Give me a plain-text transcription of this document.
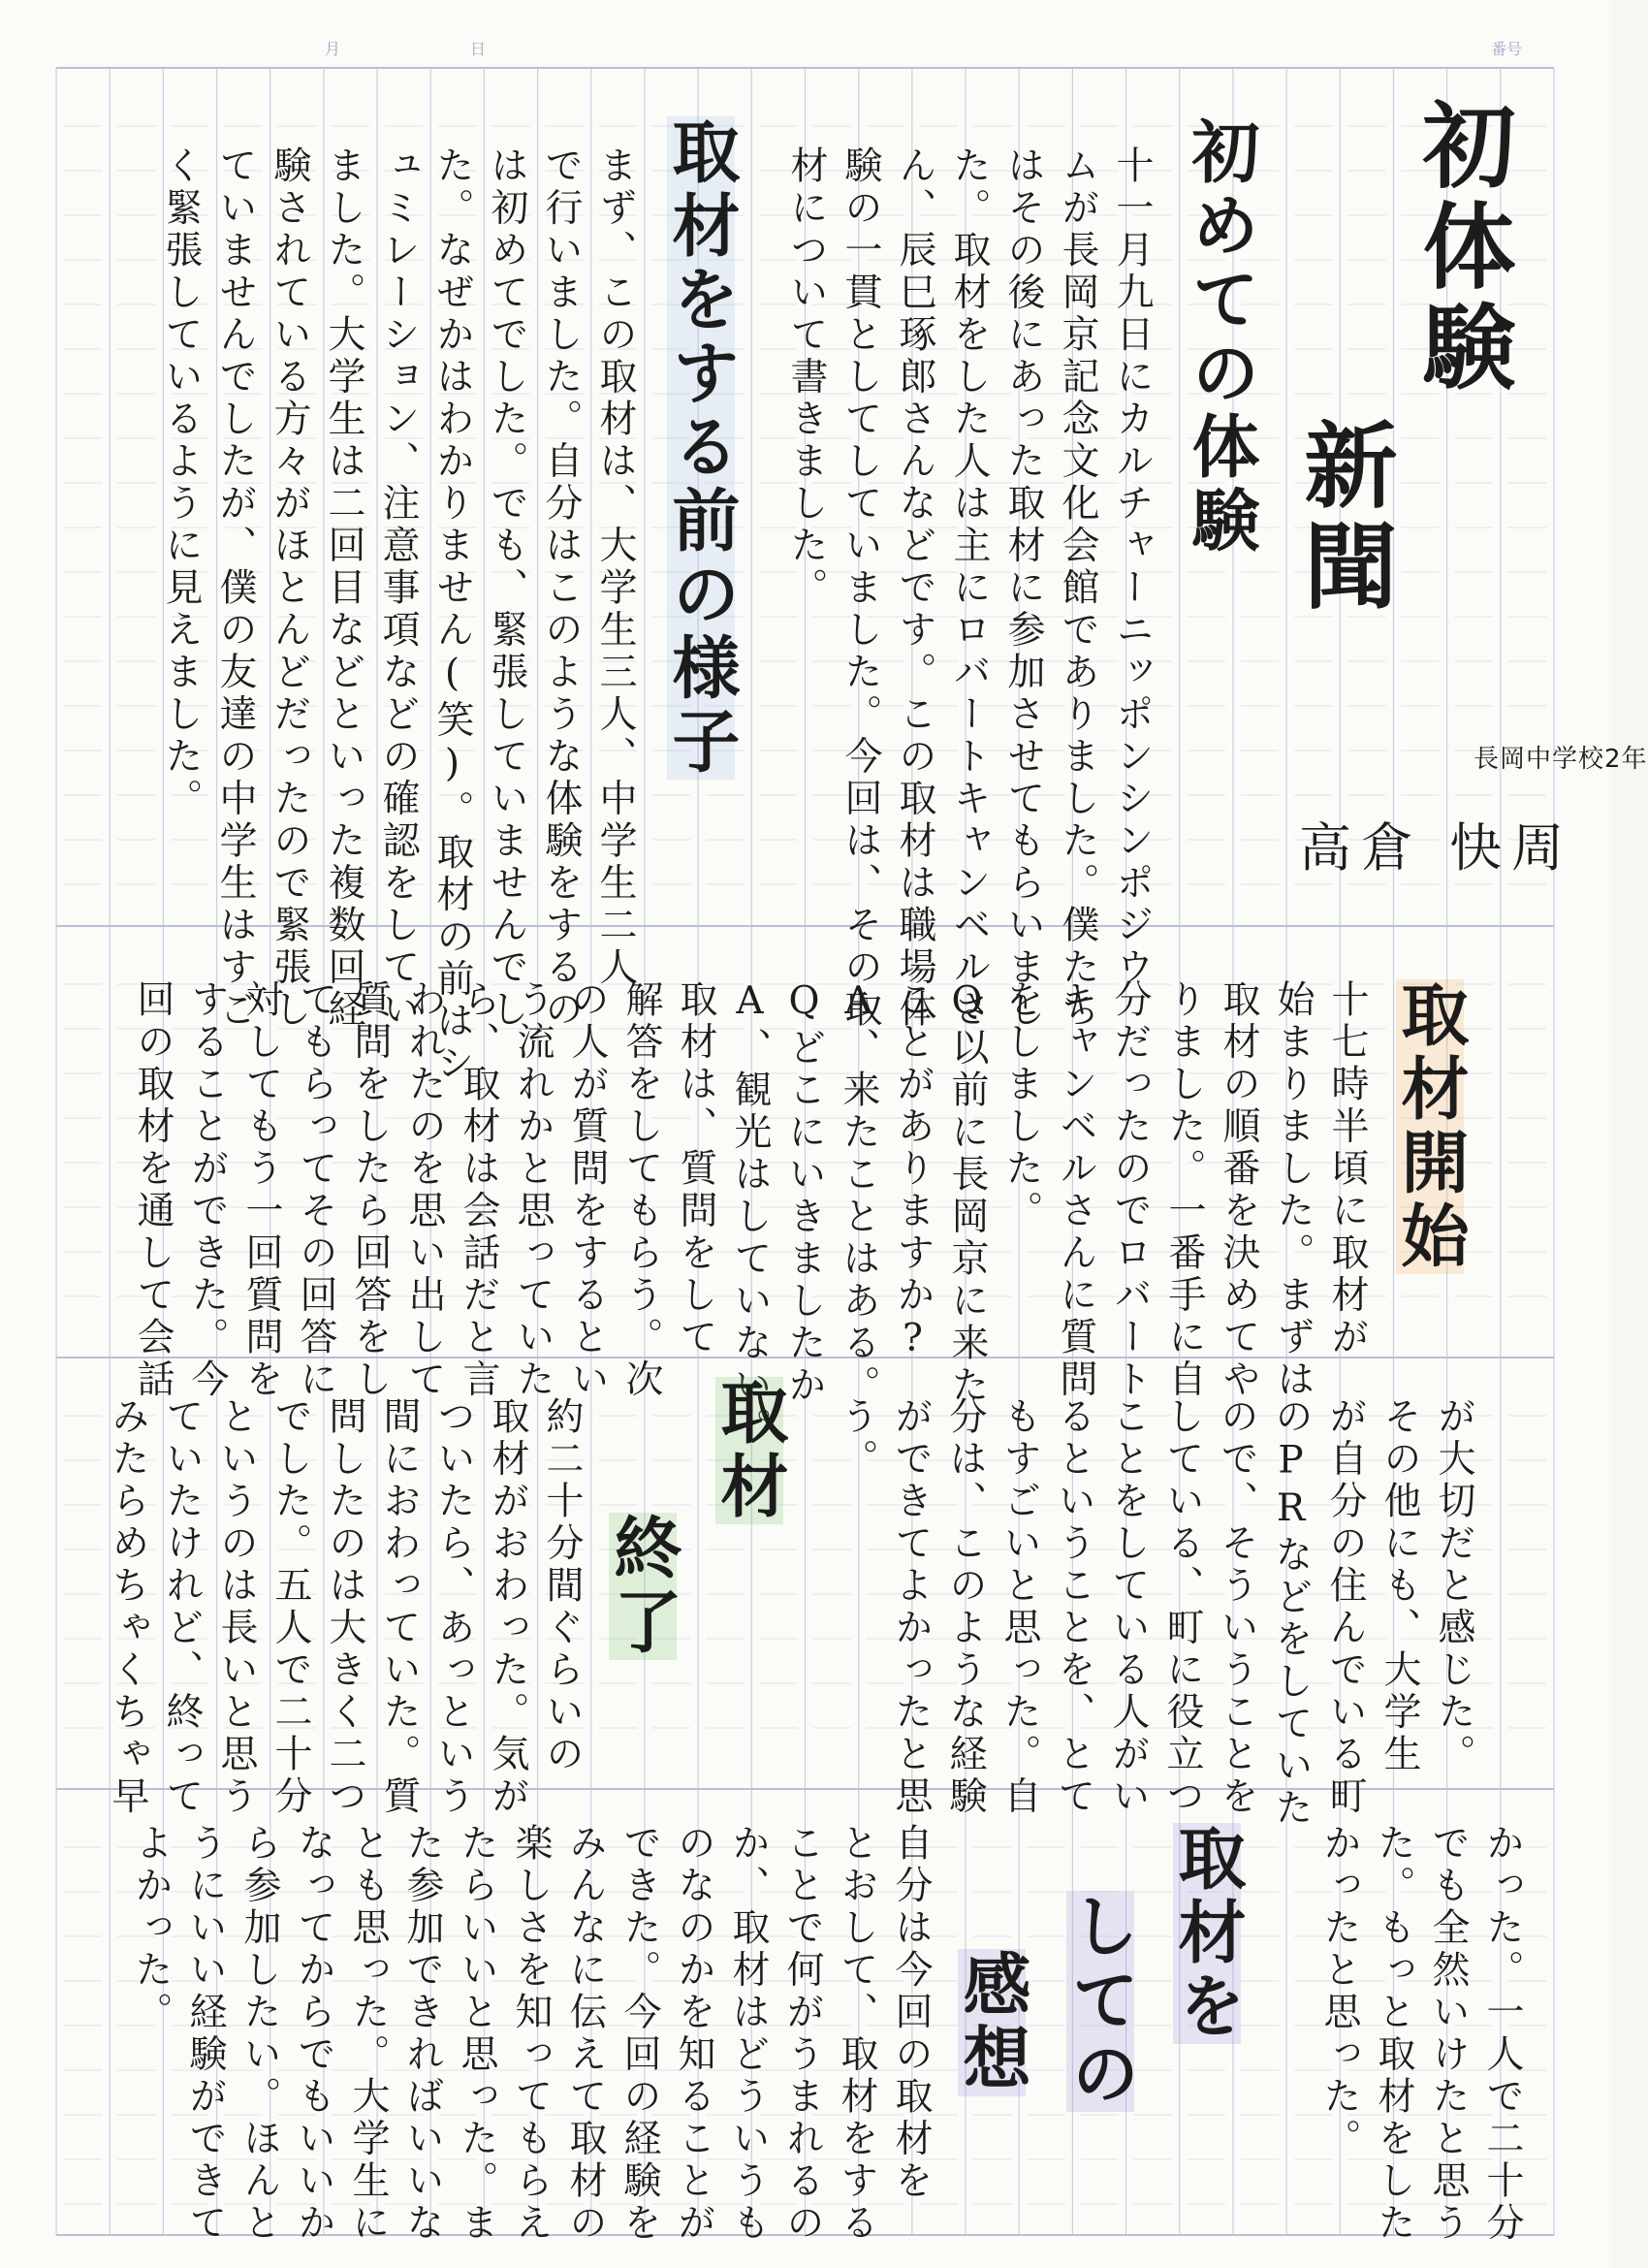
月	日	番号
初体験
新聞
長岡中学校2年
高倉 快周
初めての体験
十一月九日にカルチャーニッポンシンポジウ
ムが長岡京記念文化会館でありました。僕たち
はその後にあった取材に参加させてもらいまし
た。取材をした人は主にロバートキャンベルさ
ん、辰巳琢郎さんなどです。この取材は職場体
験の一貫としてしていました。今回は、その取
材について書きました。
取材をする前の様子
まず、この取材は、大学生三人、中学生二人
で行いました。自分はこのような体験をするの
は初めてでした。でも、緊張していませんでし
た。なぜかはわかりません(笑)。取材の前はシ
ュミレーション、注意事項などの確認をしてい
ました。大学生は二回目などといった複数回経
験されている方々がほとんどだったので緊張し
ていませんでしたが、僕の友達の中学生はすご
く緊張しているように見えました。
取材開始
十七時半頃に取材が
始まりました。まずは
取材の順番を決めてや
りました。一番手に自
分だったのでロバート
キャンベルさんに質問
をしました。
Q以前に長岡京に来た
ことがありますか?
A、来たことはある。
Qどこにいきましたか
A、観光はしていない。
取材は、質問をして
解答をしてもらう。次
の人が質問をするとい
う流れかと思っていた
ら、取材は会話だと言
われたのを思い出して
質問をしたら回答をし
てもらってその回答に
対してもう一回質問を
することができた。今
回の取材を通して会話
が大切だと感じた。
その他にも、大学生
が自分の住んでいる町
のPRなどをしていた
ので、そういうことを
している、町に役立つ
ことをしている人がい
るということを、とて
もすごいと思った。自
分は、このような経験
ができてよかったと思
う。
取材
終了
約二十分間ぐらいの
取材がおわった。気が
ついたら、あっという
間におわっていた。質
問したのは大きく二つ
でした。五人で二十分
というのは長いと思う
ていたけれど、終って
みたらめちゃくちゃ早
かった。一人で二十分
でも全然いけたと思う
た。もっと取材をした
かったと思った。
取材を
しての
感想
自分は今回の取材を
とおして、取材をする
ことで何がうまれるの
か、取材はどういうも
のなのかを知ることが
できた。今回の経験を
みんなに伝えて取材の
楽しさを知ってもらえ
たらいいと思った。ま
た参加できればいいな
とも思った。大学生に
なってからでもいいか
ら参加したい。ほんと
うにいい経験ができて
よかった。
